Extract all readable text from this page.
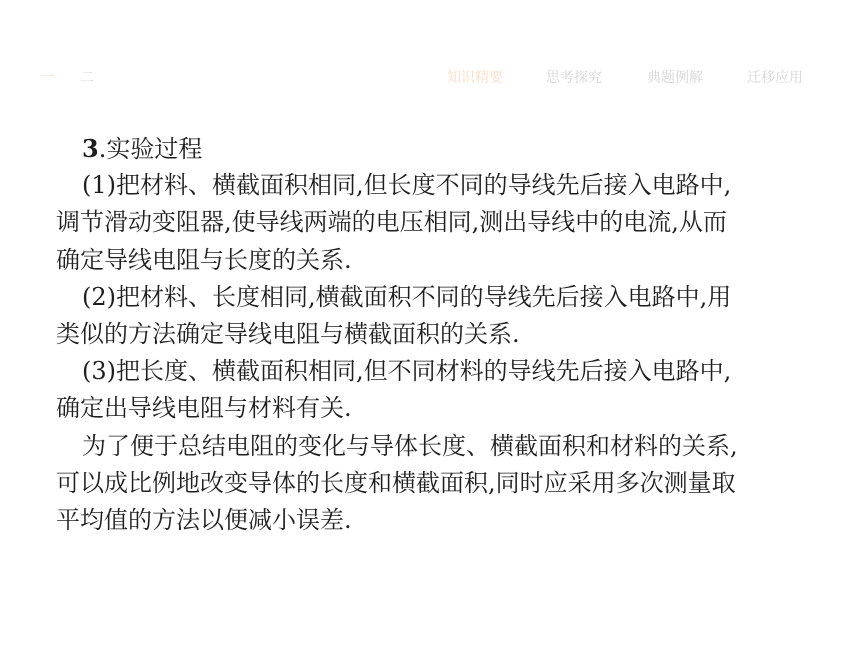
一 二	知识精要	思考探究	典题例解	迁移应用
3.实验过程
(1)把材料、横截面积相同,但长度不同的导线先后接入电路中,
调节滑动变阻器,使导线两端的电压相同,测出导线中的电流,从而
确定导线电阻与长度的关系.
(2)把材料、长度相同,横截面积不同的导线先后接入电路中,用
类似的方法确定导线电阻与横截面积的关系.
(3)把长度、横截面积相同,但不同材料的导线先后接入电路中,
确定出导线电阻与材料有关.
为了便于总结电阻的变化与导体长度、横截面积和材料的关系,
可以成比例地改变导体的长度和横截面积,同时应采用多次测量取
平均值的方法以便减小误差.
